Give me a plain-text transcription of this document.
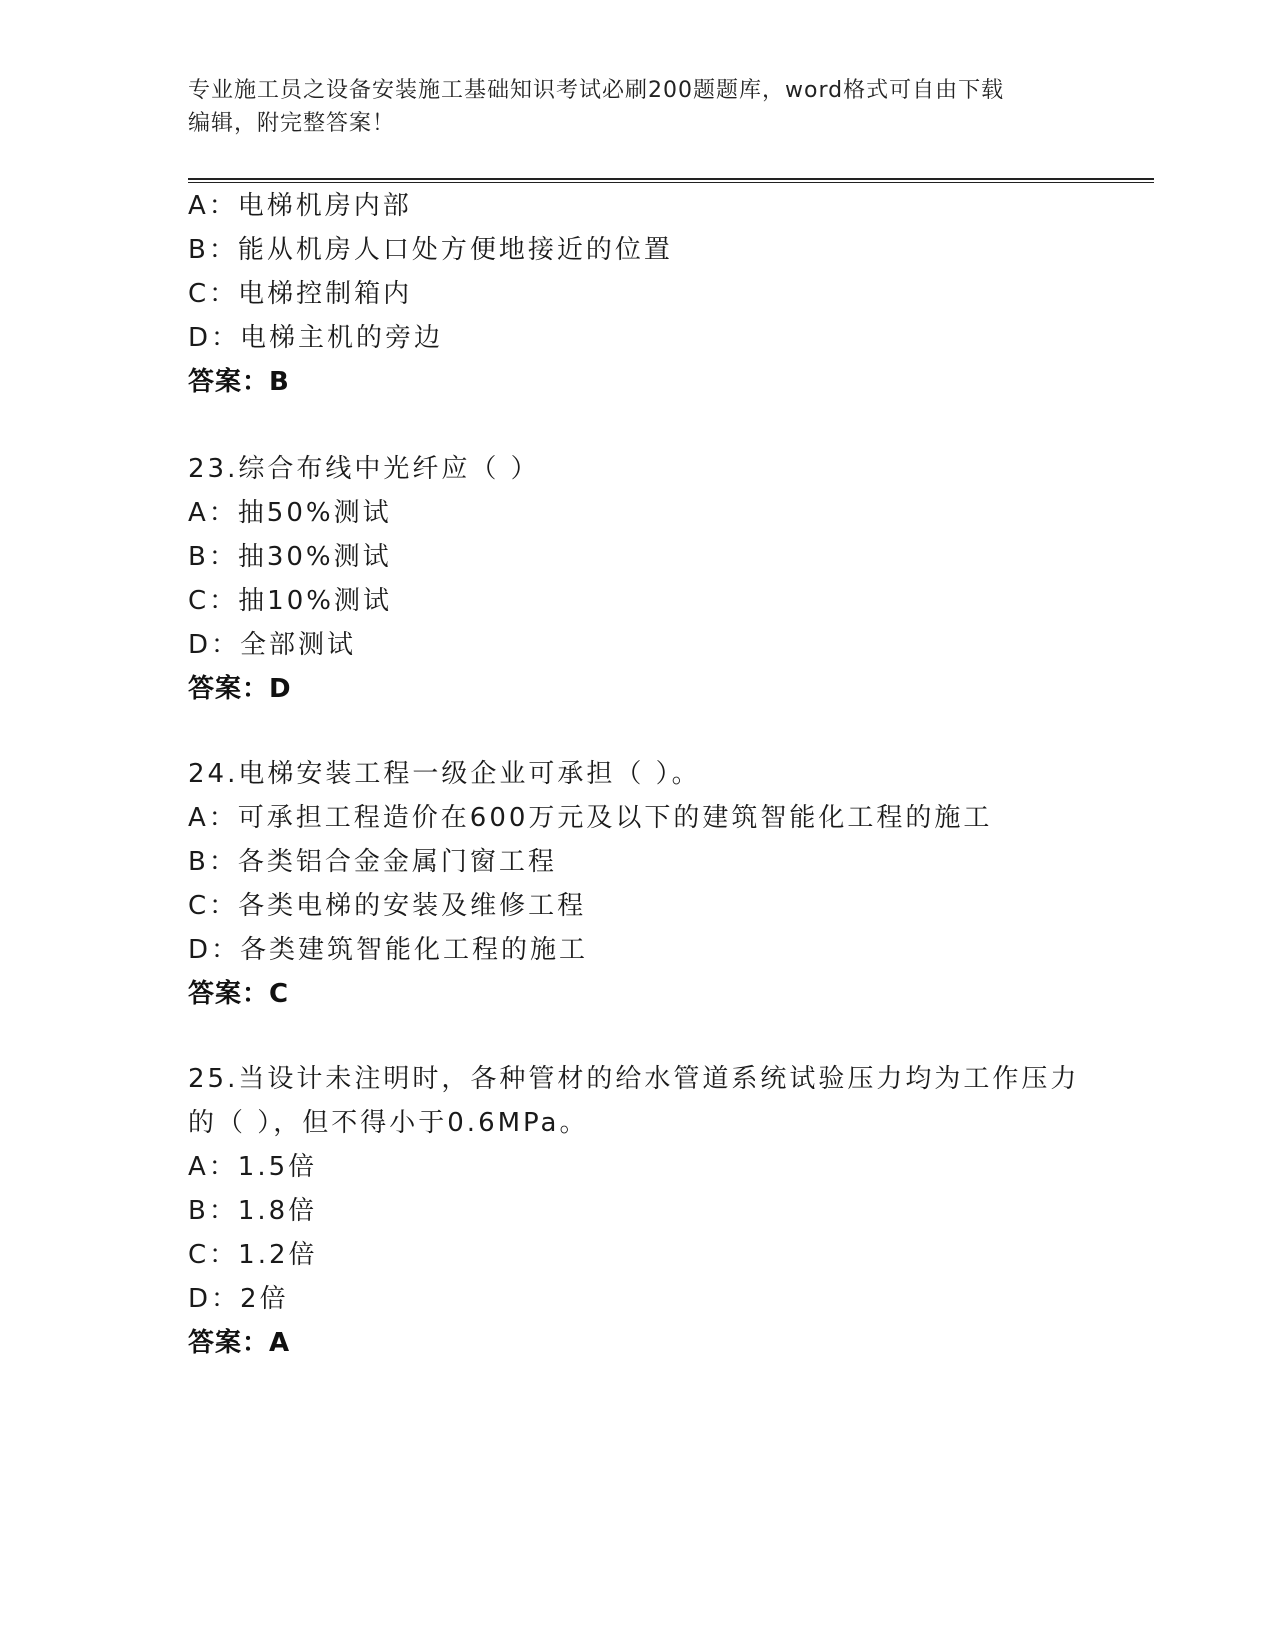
专业施工员之设备安装施工基础知识考试必刷200题题库，word格式可自由下载
编辑，附完整答案！
A：电梯机房内部
B：能从机房人口处方便地接近的位置
C：电梯控制箱内
D：电梯主机的旁边
答案：B
23.综合布线中光纤应（ ）
A：抽50%测试
B：抽30%测试
C：抽10%测试
D：全部测试
答案：D
24.电梯安装工程一级企业可承担（ ）。
A：可承担工程造价在600万元及以下的建筑智能化工程的施工
B：各类铝合金金属门窗工程
C：各类电梯的安装及维修工程
D：各类建筑智能化工程的施工
答案：C
25.当设计未注明时，各种管材的给水管道系统试验压力均为工作压力
的（ ），但不得小于0.6MPa。
A：1.5倍
B：1.8倍
C：1.2倍
D：2倍
答案：A
